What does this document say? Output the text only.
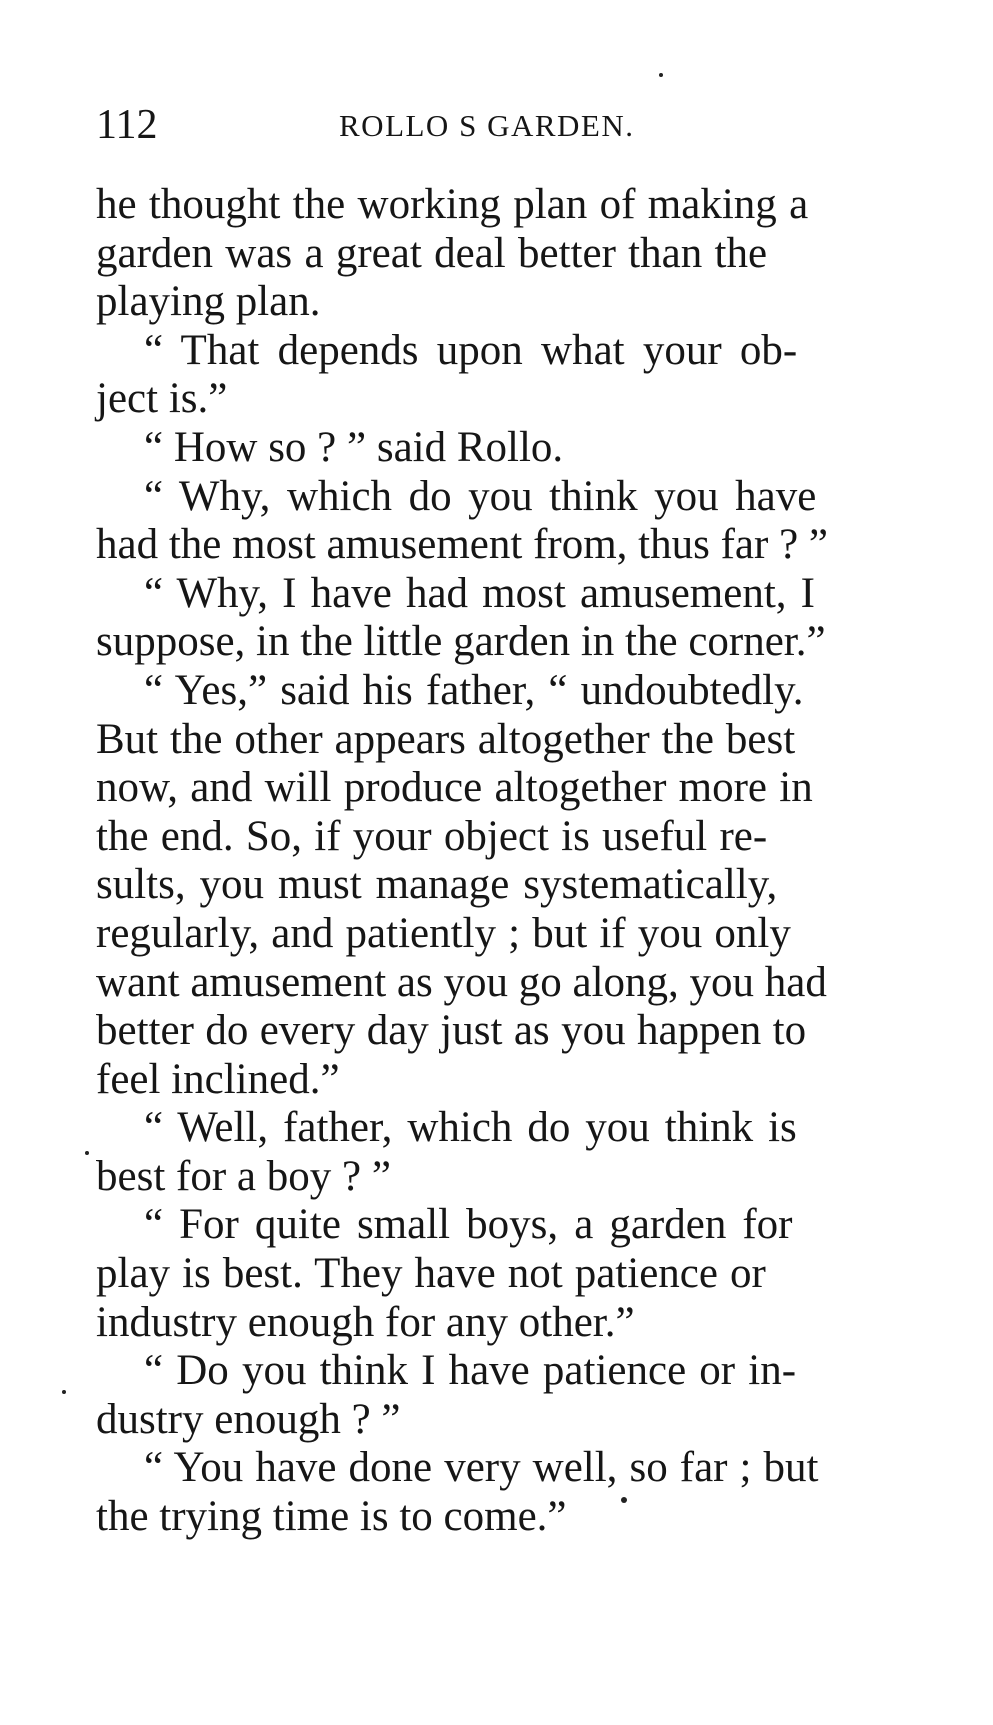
112	ROLLO S GARDEN.
he thought the working plan of making a
garden was a great deal better than the
playing plan.
“ That depends upon what your ob-
ject is.”
“ How so ? ” said Rollo.
“ Why, which do you think you have
had the most amusement from, thus far ? ”
“ Why, I have had most amusement, I
suppose, in the little garden in the corner.”
“ Yes,” said his father, “ undoubtedly.
But the other appears altogether the best
now, and will produce altogether more in
the end. So, if your object is useful re-
sults, you must manage systematically,
regularly, and patiently ; but if you only
want amusement as you go along, you had
better do every day just as you happen to
feel inclined.”
“ Well, father, which do you think is
best for a boy ? ”
“ For quite small boys, a garden for
play is best. They have not patience or
industry enough for any other.”
“ Do you think I have patience or in-
dustry enough ? ”
“ You have done very well, so far ; but
the trying time is to come.”
